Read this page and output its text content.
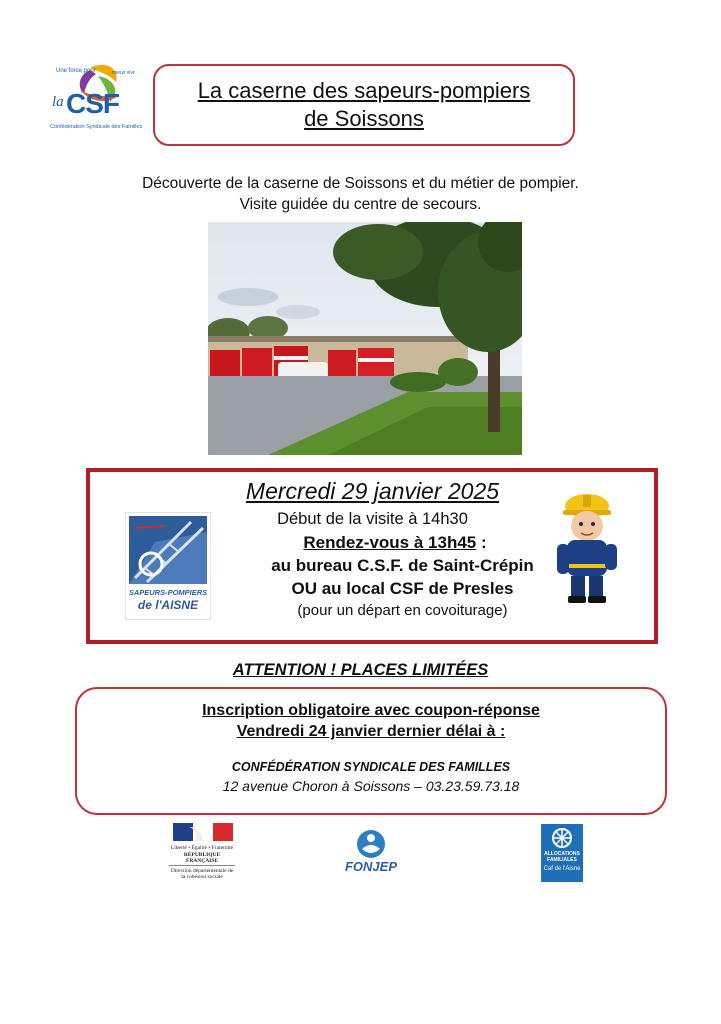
Une force pour	mieux vivre
la CSF
Confédération Syndicale des Familles
La caserne des sapeurs-pompiers
de Soissons
Découverte de la caserne de Soissons et du métier de pompier.
Visite guidée du centre de secours.
SAPEURS-POMPIERS
de l'AISNE
Mercredi 29 janvier 2025
Début de la visite à 14h30
Rendez-vous à 13h45 :
au bureau C.S.F. de Saint-Crépin
OU au local CSF de Presles
(pour un départ en covoiturage)
ATTENTION ! PLACES LIMITÉES
Inscription obligatoire avec coupon-réponse
Vendredi 24 janvier dernier délai à :
CONFÉDÉRATION SYNDICALE DES FAMILLES
12 avenue Choron à Soissons – 03.23.59.73.18
Liberté • Égalité • Fraternité
RÉPUBLIQUE FRANÇAISE
Direction départementale de la cohésion sociale
FONJEP
ALLOCATIONS FAMILIALES
Caf de l'Aisne
